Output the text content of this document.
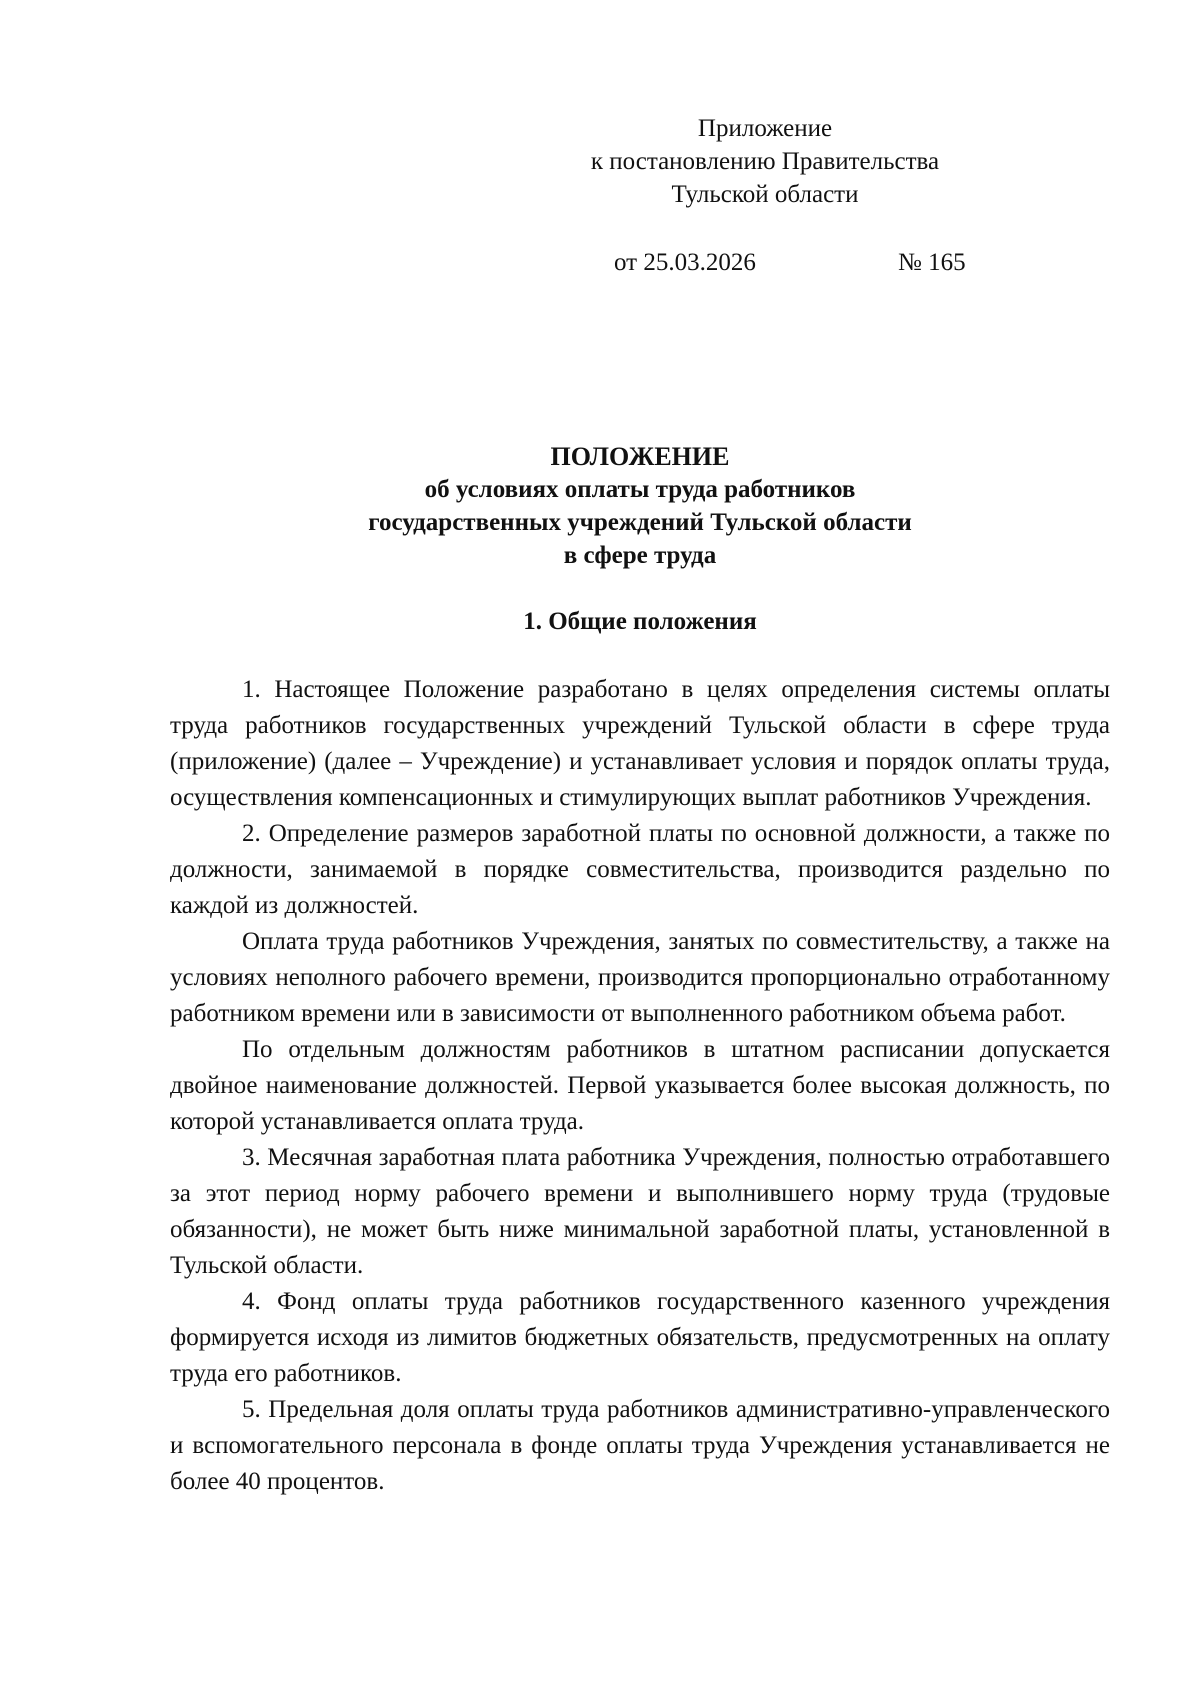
Приложение
к постановлению Правительства
Тульской области
от 25.03.2026	№ 165
ПОЛОЖЕНИЕ
об условиях оплаты труда работников
государственных учреждений Тульской области
в сфере труда
1. Общие положения

1. Настоящее Положение разработано в целях определения системы оплаты труда работников государственных учреждений Тульской области в сфере труда (приложение) (далее – Учреждение) и устанавливает условия и порядок оплаты труда, осуществления компенсационных и стимулирующих выплат работников Учреждения.

2. Определение размеров заработной платы по основной должности, а также по должности, занимаемой в порядке совместительства, производится раздельно по каждой из должностей.

Оплата труда работников Учреждения, занятых по совместительству, а также на условиях неполного рабочего времени, производится пропорционально отработанному работником времени или в зависимости от выполненного работником объема работ.

По отдельным должностям работников в штатном расписании допускается двойное наименование должностей. Первой указывается более высокая должность, по которой устанавливается оплата труда.

3. Месячная заработная плата работника Учреждения, полностью отработавшего за этот период норму рабочего времени и выполнившего норму труда (трудовые обязанности), не может быть ниже минимальной заработной платы, установленной в Тульской области.

4. Фонд оплаты труда работников государственного казенного учреждения формируется исходя из лимитов бюджетных обязательств, предусмотренных на оплату труда его работников.

5. Предельная доля оплаты труда работников административно-управленческого и вспомогательного персонала в фонде оплаты труда Учреждения устанавливается не более 40 процентов.
